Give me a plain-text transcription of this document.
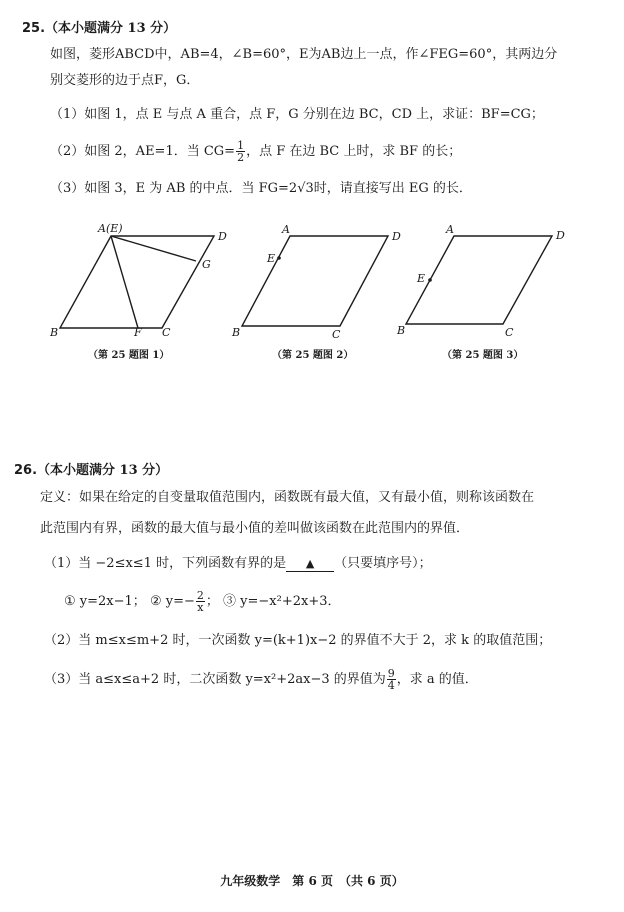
25.（本小题满分 13 分）
如图，菱形ABCD中，AB=4，∠B=60°，E为AB边上一点，作∠FEG=60°，其两边分
别交菱形的边于点F，G．
（1）如图 1，点 E 与点 A 重合，点 F，G 分别在边 BC，CD 上，求证：BF=CG；
（2）如图 2，AE=1．当 $CG= \frac{1}{2}$ ，点 F 在边 BC 上时，求 BF 的长；
（3）如图 3，E 为 AB 的中点．当 FG=2√3时，请直接写出 EG 的长．
A(E)
D
G
B	F C
A
D
E
B	C
A	D
E
B	C
（第 25 题图 1）	（第 25 题图 2）	（第 25 题图 3）
26.（本小题满分 13 分）
定义：如果在给定的自变量取值范围内，函数既有最大值，又有最小值，则称该函数在
此范围内有界，函数的最大值与最小值的差叫做该函数在此范围内的界值．
（1）当 −2≤x≤1 时，下列函数有界的是 ▲ （只要填序号）；
① y=2x−1； ② $y=- \frac{2}{x}$ ； ③ y=−x²+2x+3．
（2）当 m≤x≤m+2 时，一次函数 y=(k+1)x−2 的界值不大于 2，求 k 的取值范围；
（3）当 a≤x≤a+2 时，二次函数 y=x²+2ax−3 的界值为 $\frac{9}{4}$ ，求 a 的值．
九年级数学　第 6 页　（共 6 页）
